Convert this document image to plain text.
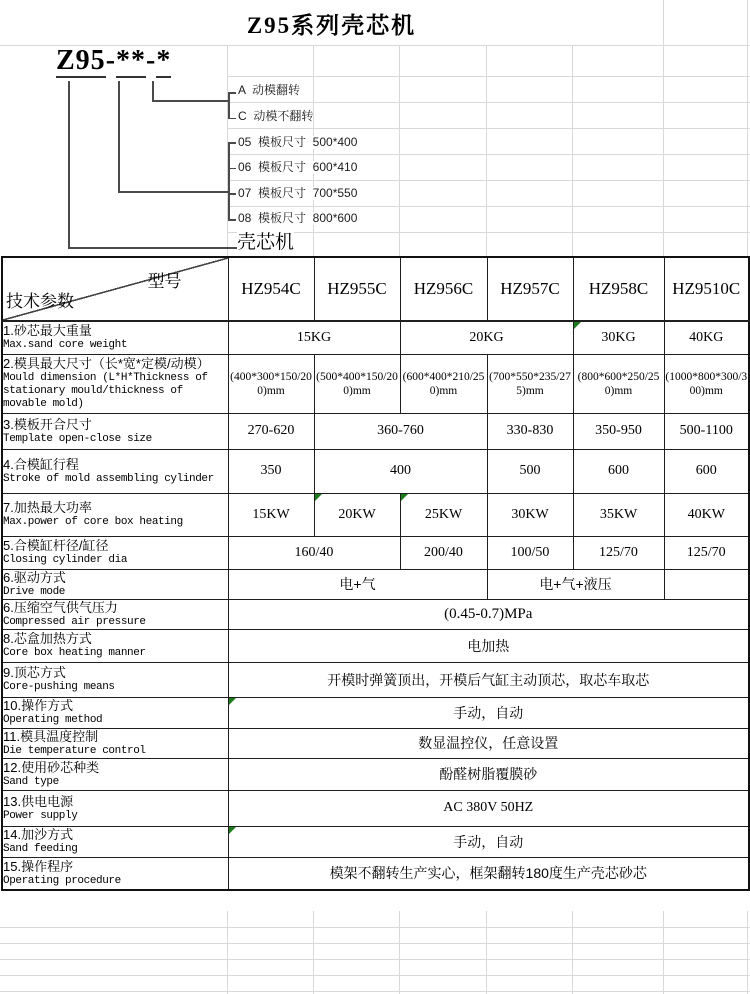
Z95系列壳芯机
Z95-**-*
A  动模翻转
C  动模不翻转
05  模板尺寸  500*400
06  模板尺寸  600*410
07  模板尺寸  700*550
08  模板尺寸  800*600
壳芯机
型号
技术参数	HZ954C	HZ955C	HZ956C	HZ957C	HZ958C	HZ9510C

1.砂芯最大重量
Max.sand core weight	15KG		20KG		30KG	40KG

2.模具最大尺寸（长*宽*定模/动模）
Mould dimension (L*H*Thickness of stationary mould/thickness of movable mold)	(400*300*150/200)mm	(500*400*150/200)mm	(600*400*210/250)mm	(700*550*235/275)mm	(800*600*250/250)mm	(1000*800*300/300)mm

3.模板开合尺寸
Template open-close size	270-620	360-760		330-830	350-950	500-1100

4.合模缸行程
Stroke of mold assembling cylinder	350	400		500	600	600

7.加热最大功率
Max.power of core box heating	15KW	20KW	25KW	30KW	35KW	40KW

5.合模缸杆径/缸径
Closing cylinder dia	160/40		200/40	100/50	125/70	125/70

6.驱动方式
Drive mode	电+气			电+气+液压		

6.压缩空气供气压力
Compressed air pressure	(0.45-0.7)MPa					

8.芯盒加热方式
Core box heating manner	电加热					

9.顶芯方式
Core-pushing means	开模时弹簧顶出，开模后气缸主动顶芯，取芯车取芯					

10.操作方式
Operating method	手动，自动					

11.模具温度控制
Die temperature control	数显温控仪，任意设置					

12.使用砂芯种类
Sand type	酚醛树脂覆膜砂					

13.供电电源
Power supply	AC 380V 50HZ					

14.加沙方式
Sand feeding	手动，自动					

15.操作程序
Operating procedure	模架不翻转生产实心，框架翻转180度生产壳芯砂芯					
